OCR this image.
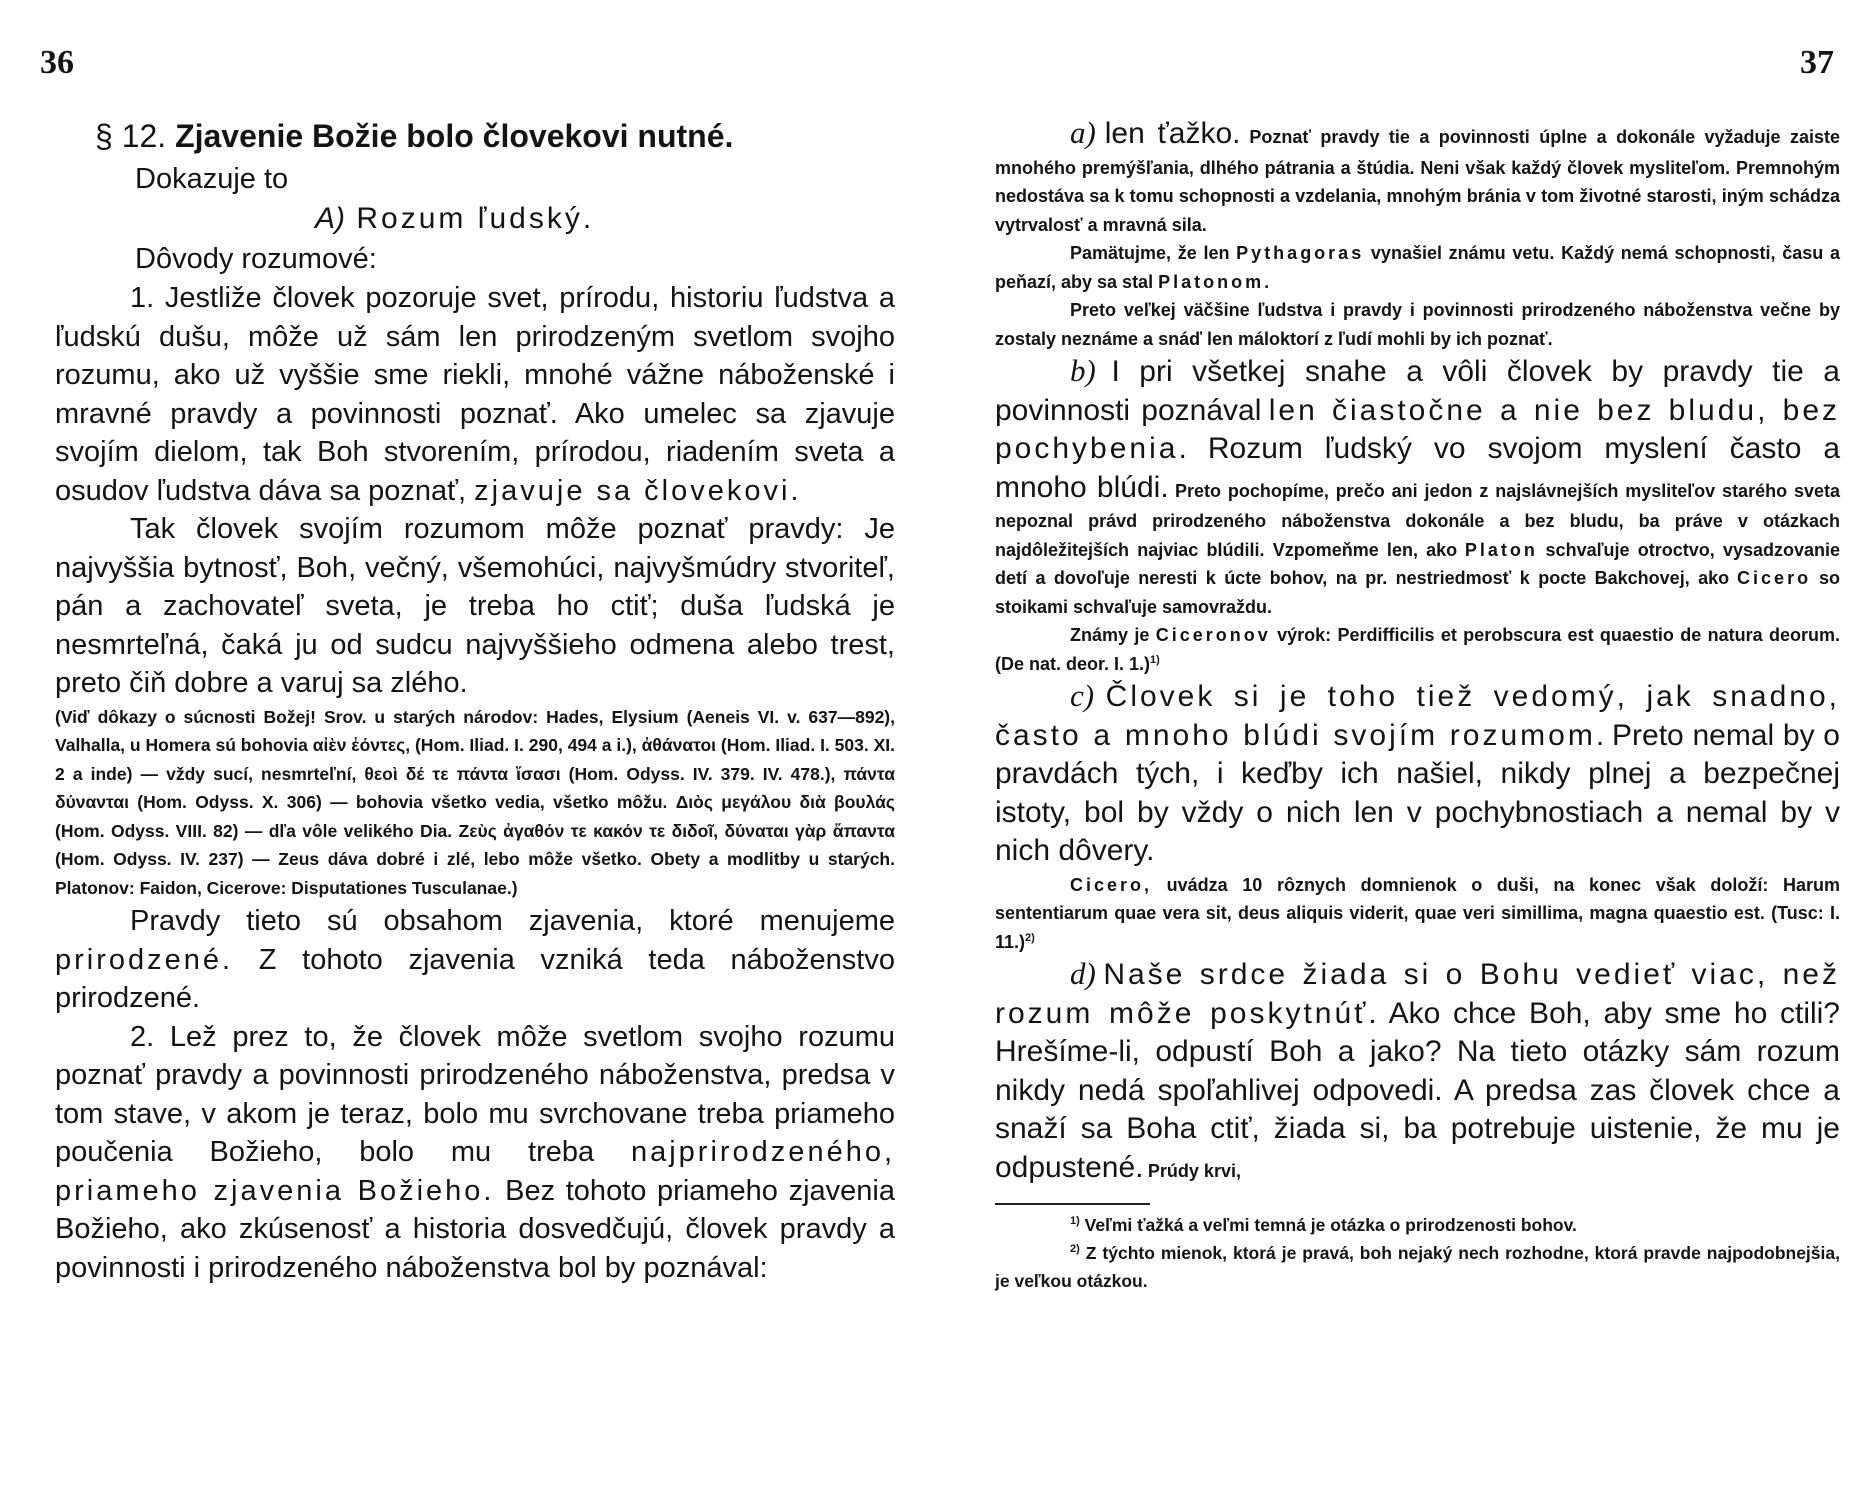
36	37
§ 12. Zjavenie Božie bolo človekovi nutné.
Dokazuje to
A) Rozum ľudský.
Dôvody rozumové:

1. Jestliže človek pozoruje svet, prírodu, historiu ľudstva a ľudskú dušu, môže už sám len prirodzeným svetlom svojho rozumu, ako už vyššie sme riekli, mnohé vážne náboženské i mravné pravdy a povinnosti poznať. Ako umelec sa zjavuje svojím dielom, tak Boh stvorením, prírodou, riadením sveta a osudov ľudstva dáva sa poznať, zjavuje sa človekovi.

Tak človek svojím rozumom môže poznať pravdy: Je najvyššia bytnosť, Boh, večný, všemohúci, najvyšmúdry stvoriteľ, pán a zachovateľ sveta, je treba ho ctiť; duša ľudská je nesmrteľná, čaká ju od sudcu najvyššieho odmena alebo trest, preto čiň dobre a varuj sa zlého.

(Viď dôkazy o súcnosti Božej! Srov. u starých národov: Hades, Elysium (Aeneis VI. v. 637—892), Valhalla, u Homera sú bohovia αἰὲν ἐόντες, (Hom. Iliad. I. 290, 494 a i.), ἀθάνατοι (Hom. Iliad. I. 503. XI. 2 a inde) — vždy sucí, nesmrteľní, θεοὶ δέ τε πάντα ἴσασι (Hom. Odyss. IV. 379. IV. 478.), πάντα δύνανται (Hom. Odyss. X. 306) — bohovia všetko vedia, všetko môžu. Διὸς μεγάλου διὰ βουλάς (Hom. Odyss. VIII. 82) — dľa vôle velikého Dia. Ζεὺς ἀγαθόν τε κακόν τε διδοῖ, δύναται γὰρ ἅπαντα (Hom. Odyss. IV. 237) — Zeus dáva dobré i zlé, lebo môže všetko. Obety a modlitby u starých. Platonov: Faidon, Cicerove: Disputationes Tusculanae.)

Pravdy tieto sú obsahom zjavenia, ktoré menujeme prirodzené. Z tohoto zjavenia vzniká teda náboženstvo prirodzené.

2. Lež prez to, že človek môže svetlom svojho rozumu poznať pravdy a povinnosti prirodzeného náboženstva, predsa v tom stave, v akom je teraz, bolo mu svrchovane treba priameho poučenia Božieho, bolo mu treba najprirodzeného, priameho zjavenia Božieho. Bez tohoto priameho zjavenia Božieho, ako zkúsenosť a historia dosvedčujú, človek pravdy a povinnosti i prirodzeného náboženstva bol by poznával:

a) len ťažko. Poznať pravdy tie a povinnosti úplne a dokonále vyžaduje zaiste mnohého premýšľania, dlhého pátrania a štúdia. Neni však každý človek mysliteľom. Premnohým nedostáva sa k tomu schopnosti a vzdelania, mnohým bránia v tom životné starosti, iným schádza vytrvalosť a mravná sila.

Pamätujme, že len Pythagoras vynašiel známu vetu. Každý nemá schopnosti, času a peňazí, aby sa stal Platonom.

Preto veľkej väčšine ľudstva i pravdy i povinnosti prirodzeného náboženstva večne by zostaly neznáme a snáď len máloktorí z ľudí mohli by ich poznať.

b) I pri všetkej snahe a vôli človek by pravdy tie a povinnosti poznával len čiastočne a nie bez bludu, bez pochybenia. Rozum ľudský vo svojom myslení často a mnoho blúdi. Preto pochopíme, prečo ani jedon z najslávnejších mysliteľov starého sveta nepoznal právd prirodzeného náboženstva dokonále a bez bludu, ba práve v otázkach najdôležitejších najviac blúdili. Vzpomeňme len, ako Platon schvaľuje otroctvo, vysadzovanie detí a dovoľuje neresti k úcte bohov, na pr. nestriedmosť k pocte Bakchovej, ako Cicero so stoikami schvaľuje samovraždu.

Známy je Ciceronov výrok: Perdifficilis et perobscura est quaestio de natura deorum. (De nat. deor. I. 1.)$^{1)}$

c) Človek si je toho tiež vedomý, jak snadno, často a mnoho blúdi svojím rozumom. Preto nemal by o pravdách tých, i keďby ich našiel, nikdy plnej a bezpečnej istoty, bol by vždy o nich len v pochybnostiach a nemal by v nich dôvery.

Cicero, uvádza 10 rôznych domnienok o duši, na konec však doloží: Harum sententiarum quae vera sit, deus aliquis viderit, quae veri simillima, magna quaestio est. (Tusc: I. 11.)$^{2)}$

d) Naše srdce žiada si o Bohu vedieť viac, než rozum môže poskytnúť. Ako chce Boh, aby sme ho ctili? Hrešíme-li, odpustí Boh a jako? Na tieto otázky sám rozum nikdy nedá spoľahlivej odpovedi. A predsa zas človek chce a snaží sa Boha ctiť, žiada si, ba potrebuje uistenie, že mu je odpustené. Prúdy krvi,

$^{1)}$ Veľmi ťažká a veľmi temná je otázka o prirodzenosti bohov.

$^{2)}$ Z týchto mienok, ktorá je pravá, boh nejaký nech rozhodne, ktorá pravde najpodobnejšia, je veľkou otázkou.
